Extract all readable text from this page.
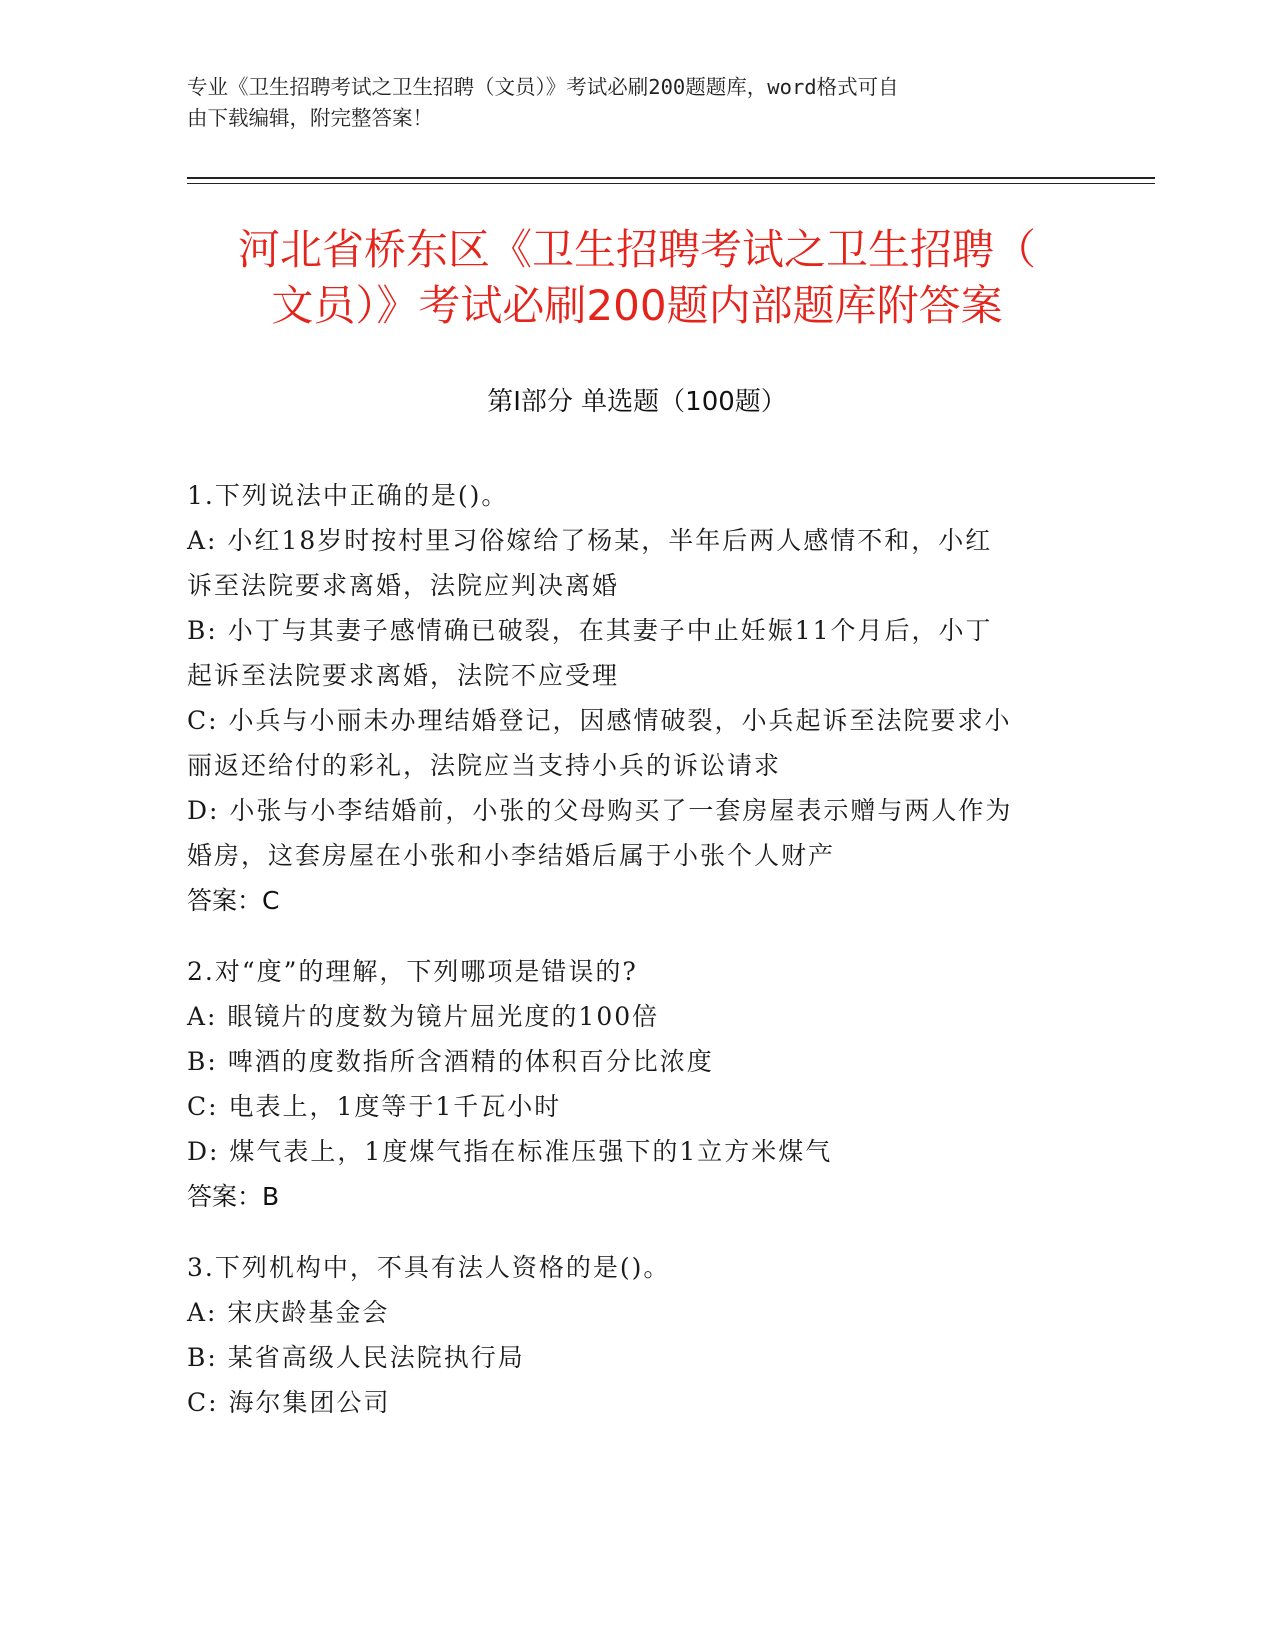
专业《卫生招聘考试之卫生招聘（文员）》考试必刷200题题库，word格式可自
由下载编辑，附完整答案！
河北省桥东区《卫生招聘考试之卫生招聘（
文员）》考试必刷200题内部题库附答案
第Ⅰ部分 单选题（100题）
1.下列说法中正确的是()。
A: 小红18岁时按村里习俗嫁给了杨某，半年后两人感情不和，小红
诉至法院要求离婚，法院应判决离婚
B: 小丁与其妻子感情确已破裂，在其妻子中止妊娠11个月后，小丁
起诉至法院要求离婚，法院不应受理
C: 小兵与小丽未办理结婚登记，因感情破裂，小兵起诉至法院要求小
丽返还给付的彩礼，法院应当支持小兵的诉讼请求
D: 小张与小李结婚前，小张的父母购买了一套房屋表示赠与两人作为
婚房，这套房屋在小张和小李结婚后属于小张个人财产
答案：C
2.对“度”的理解，下列哪项是错误的?
A: 眼镜片的度数为镜片屈光度的100倍
B: 啤酒的度数指所含酒精的体积百分比浓度
C: 电表上，1度等于1千瓦小时
D: 煤气表上，1度煤气指在标准压强下的1立方米煤气
答案：B
3.下列机构中，不具有法人资格的是()。
A: 宋庆龄基金会
B: 某省高级人民法院执行局
C: 海尔集团公司
